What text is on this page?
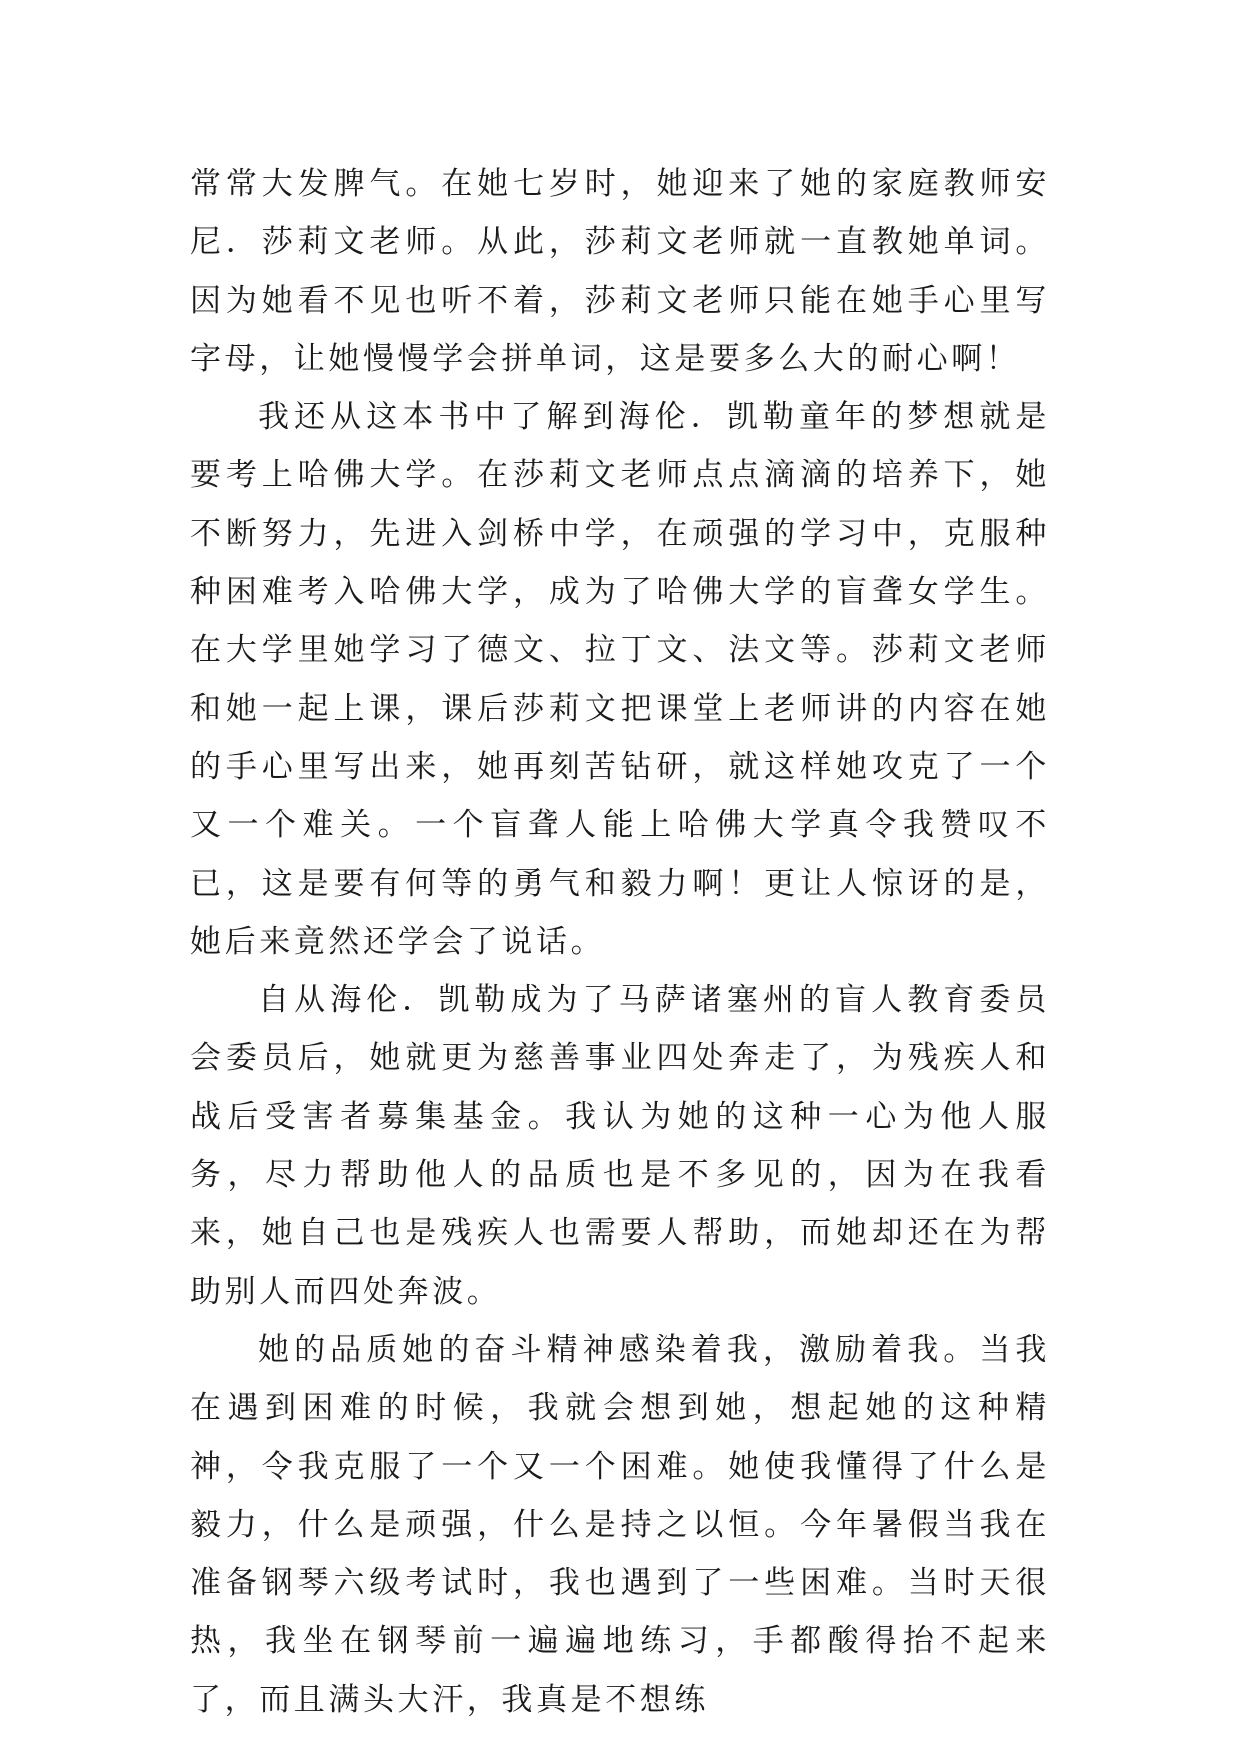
常常大发脾气。在她七岁时，她迎来了她的家庭教师安尼．莎莉文老师。从此，莎莉文老师就一直教她单词。因为她看不见也听不着，莎莉文老师只能在她手心里写字母，让她慢慢学会拼单词，这是要多么大的耐心啊！

我还从这本书中了解到海伦．凯勒童年的梦想就是要考上哈佛大学。在莎莉文老师点点滴滴的培养下，她不断努力，先进入剑桥中学，在顽强的学习中，克服种种困难考入哈佛大学，成为了哈佛大学的盲聋女学生。在大学里她学习了德文、拉丁文、法文等。莎莉文老师和她一起上课，课后莎莉文把课堂上老师讲的内容在她的手心里写出来，她再刻苦钻研，就这样她攻克了一个又一个难关。一个盲聋人能上哈佛大学真令我赞叹不已，这是要有何等的勇气和毅力啊！更让人惊讶的是，她后来竟然还学会了说话。

自从海伦．凯勒成为了马萨诸塞州的盲人教育委员会委员后，她就更为慈善事业四处奔走了，为残疾人和战后受害者募集基金。我认为她的这种一心为他人服务，尽力帮助他人的品质也是不多见的，因为在我看来，她自己也是残疾人也需要人帮助，而她却还在为帮助别人而四处奔波。

她的品质她的奋斗精神感染着我，激励着我。当我在遇到困难的时候，我就会想到她，想起她的这种精神，令我克服了一个又一个困难。她使我懂得了什么是毅力，什么是顽强，什么是持之以恒。今年暑假当我在准备钢琴六级考试时，我也遇到了一些困难。当时天很热，我坐在钢琴前一遍遍地练习，手都酸得抬不起来了，而且满头大汗，我真是不想练
